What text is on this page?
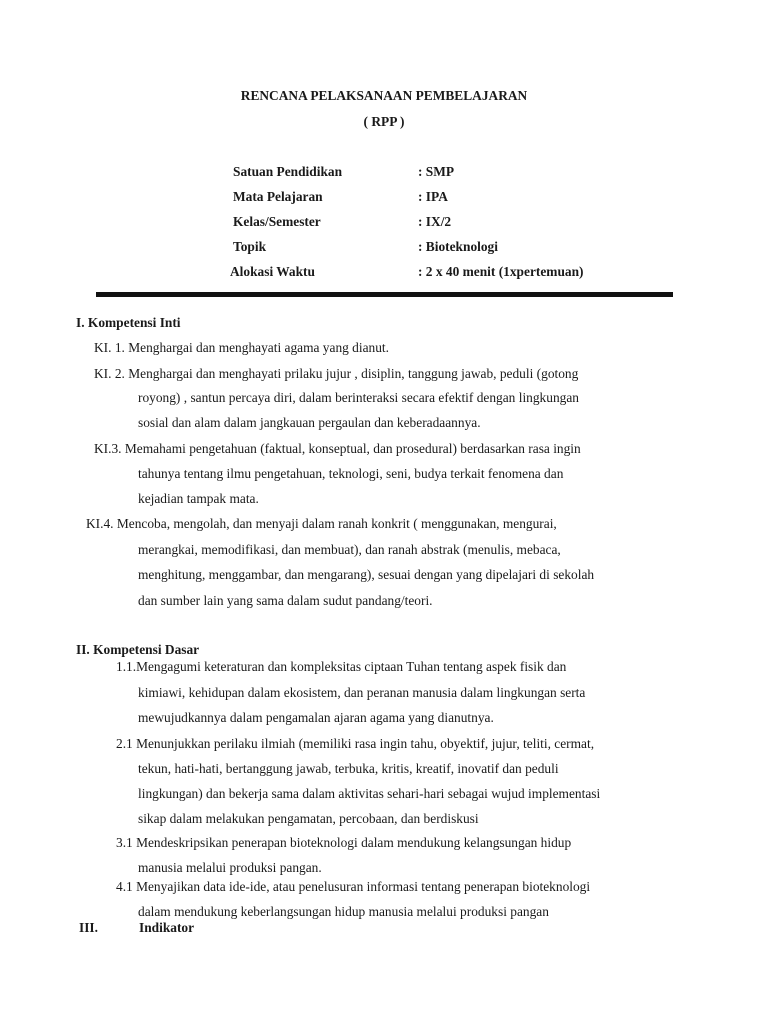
RENCANA PELAKSANAAN PEMBELAJARAN
( RPP )
Satuan Pendidikan	: SMP
Mata Pelajaran	: IPA
Kelas/Semester	: IX/2
Topik	: Bioteknologi
Alokasi Waktu	: 2 x 40 menit (1xpertemuan)
I. Kompetensi Inti
KI. 1. Menghargai dan menghayati agama yang dianut.
KI. 2. Menghargai dan menghayati prilaku jujur , disiplin, tanggung jawab, peduli (gotong
royong) , santun percaya diri, dalam berinteraksi secara efektif dengan lingkungan
sosial dan alam dalam jangkauan pergaulan dan keberadaannya.
KI.3. Memahami pengetahuan (faktual, konseptual, dan prosedural) berdasarkan rasa ingin
tahunya tentang ilmu pengetahuan, teknologi, seni, budya terkait fenomena dan
kejadian tampak mata.
KI.4. Mencoba, mengolah, dan menyaji dalam ranah konkrit ( menggunakan, mengurai,
merangkai, memodifikasi, dan membuat), dan ranah abstrak (menulis, mebaca,
menghitung, menggambar, dan mengarang), sesuai dengan yang dipelajari di sekolah
dan sumber lain yang sama dalam sudut pandang/teori.
II. Kompetensi Dasar
1.1.Mengagumi keteraturan dan kompleksitas ciptaan Tuhan tentang aspek fisik dan
kimiawi, kehidupan dalam ekosistem, dan peranan manusia dalam lingkungan serta
mewujudkannya dalam pengamalan ajaran agama yang dianutnya.
2.1 Menunjukkan perilaku ilmiah (memiliki rasa ingin tahu, obyektif, jujur, teliti, cermat,
tekun, hati-hati, bertanggung jawab, terbuka, kritis, kreatif, inovatif dan peduli
lingkungan) dan bekerja sama dalam aktivitas sehari-hari sebagai wujud implementasi
sikap dalam melakukan pengamatan, percobaan, dan berdiskusi
3.1 Mendeskripsikan penerapan bioteknologi dalam mendukung kelangsungan hidup
manusia melalui produksi pangan.
4.1 Menyajikan data ide-ide, atau penelusuran informasi tentang penerapan bioteknologi
dalam mendukung keberlangsungan hidup manusia melalui produksi pangan
III.	Indikator
